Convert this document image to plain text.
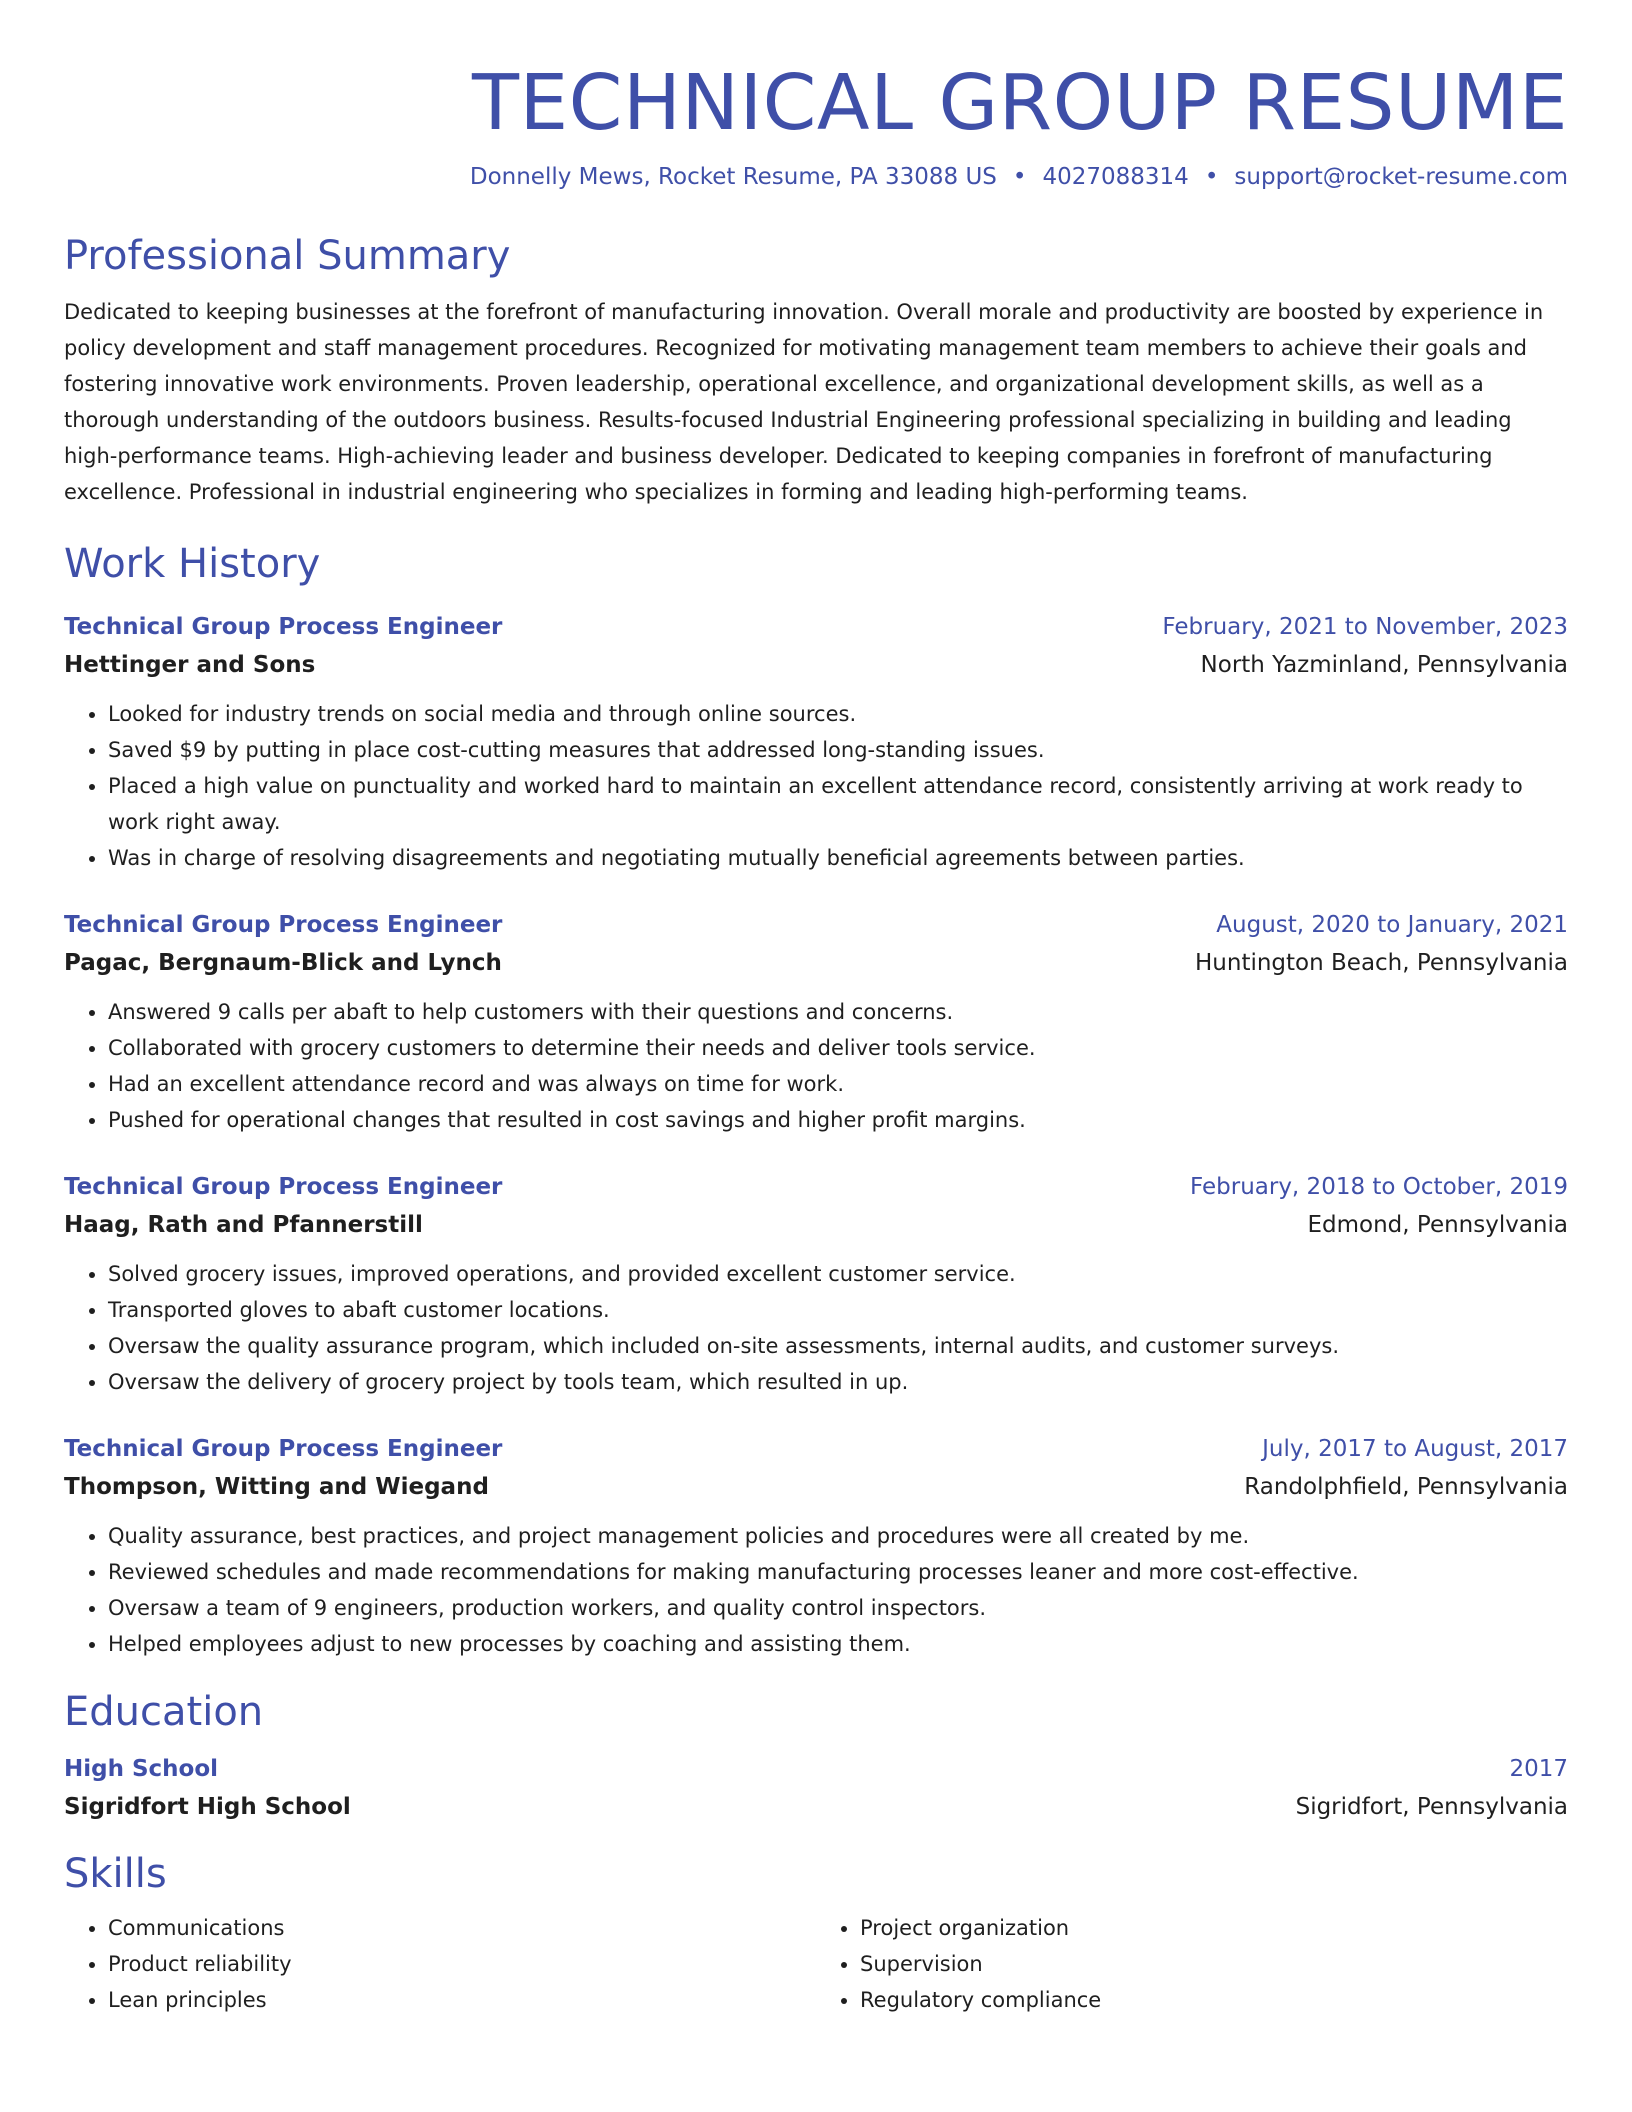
TECHNICAL GROUP RESUME
Donnelly Mews, Rocket Resume, PA 33088 US • 4027088314 • support@rocket-resume.com
Professional Summary
Dedicated to keeping businesses at the forefront of manufacturing innovation. Overall morale and productivity are boosted by experience in policy development and staff management procedures. Recognized for motivating management team members to achieve their goals and fostering innovative work environments. Proven leadership, operational excellence, and organizational development skills, as well as a thorough understanding of the outdoors business. Results-focused Industrial Engineering professional specializing in building and leading high-performance teams. High-achieving leader and business developer. Dedicated to keeping companies in forefront of manufacturing excellence. Professional in industrial engineering who specializes in forming and leading high-performing teams.
Work History
Technical Group Process Engineer	February, 2021 to November, 2023
Hettinger and Sons	North Yazminland, Pennsylvania
• Looked for industry trends on social media and through online sources.
• Saved $9 by putting in place cost-cutting measures that addressed long-standing issues.
• Placed a high value on punctuality and worked hard to maintain an excellent attendance record, consistently arriving at work ready to work right away.
• Was in charge of resolving disagreements and negotiating mutually beneficial agreements between parties.
Technical Group Process Engineer	August, 2020 to January, 2021
Pagac, Bergnaum-Blick and Lynch	Huntington Beach, Pennsylvania
• Answered 9 calls per abaft to help customers with their questions and concerns.
• Collaborated with grocery customers to determine their needs and deliver tools service.
• Had an excellent attendance record and was always on time for work.
• Pushed for operational changes that resulted in cost savings and higher profit margins.
Technical Group Process Engineer	February, 2018 to October, 2019
Haag, Rath and Pfannerstill	Edmond, Pennsylvania
• Solved grocery issues, improved operations, and provided excellent customer service.
• Transported gloves to abaft customer locations.
• Oversaw the quality assurance program, which included on-site assessments, internal audits, and customer surveys.
• Oversaw the delivery of grocery project by tools team, which resulted in up.
Technical Group Process Engineer	July, 2017 to August, 2017
Thompson, Witting and Wiegand	Randolphfield, Pennsylvania
• Quality assurance, best practices, and project management policies and procedures were all created by me.
• Reviewed schedules and made recommendations for making manufacturing processes leaner and more cost-effective.
• Oversaw a team of 9 engineers, production workers, and quality control inspectors.
• Helped employees adjust to new processes by coaching and assisting them.
Education
High School	2017
Sigridfort High School	Sigridfort, Pennsylvania
Skills
• Communications
• Product reliability
• Lean principles
• Project organization
• Supervision
• Regulatory compliance
